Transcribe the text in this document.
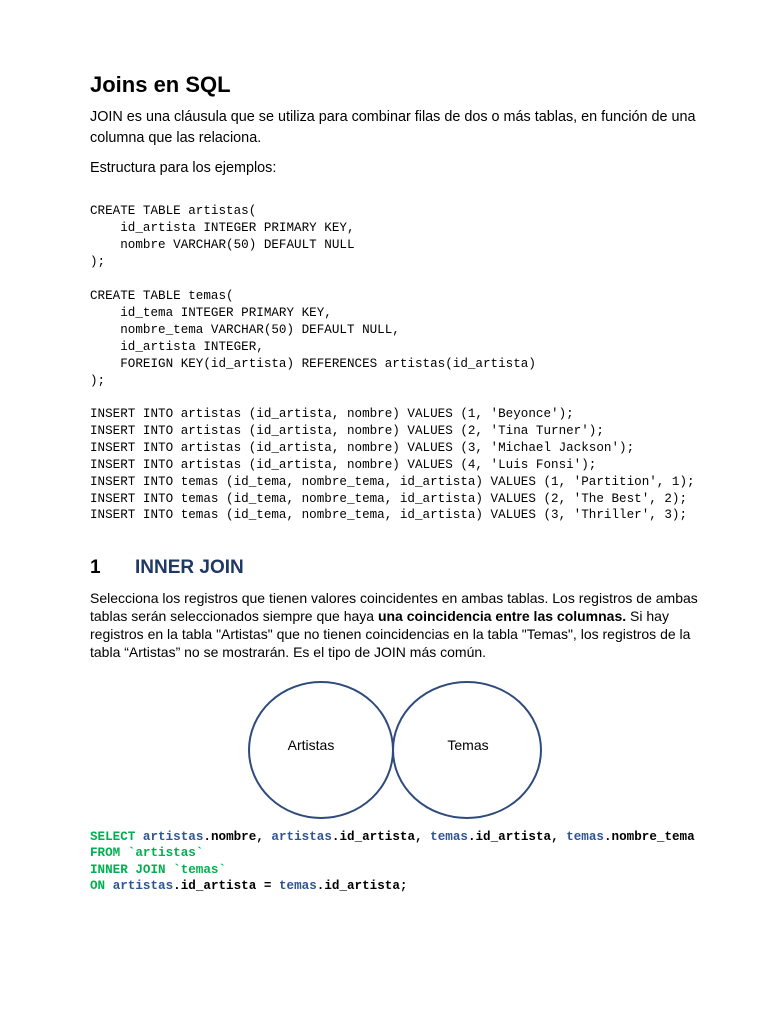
Joins en SQL

JOIN es una cláusula que se utiliza para combinar filas de dos o más tablas, en función de una columna que las relaciona.

Estructura para los ejemplos:

CREATE TABLE artistas(
id_artista INTEGER PRIMARY KEY,
nombre VARCHAR(50) DEFAULT NULL
);
CREATE TABLE temas(
id_tema INTEGER PRIMARY KEY,
nombre_tema VARCHAR(50) DEFAULT NULL,
id_artista INTEGER,
FOREIGN KEY(id_artista) REFERENCES artistas(id_artista)
);
INSERT INTO artistas (id_artista, nombre) VALUES (1, 'Beyonce');
INSERT INTO artistas (id_artista, nombre) VALUES (2, 'Tina Turner');
INSERT INTO artistas (id_artista, nombre) VALUES (3, 'Michael Jackson');
INSERT INTO artistas (id_artista, nombre) VALUES (4, 'Luis Fonsi');
INSERT INTO temas (id_tema, nombre_tema, id_artista) VALUES (1, 'Partition', 1);
INSERT INTO temas (id_tema, nombre_tema, id_artista) VALUES (2, 'The Best', 2);
INSERT INTO temas (id_tema, nombre_tema, id_artista) VALUES (3, 'Thriller', 3);
1	INNER JOIN

Selecciona los registros que tienen valores coincidentes en ambas tablas. Los registros de ambas tablas serán seleccionados siempre que haya una coincidencia entre las columnas. Si hay registros en la tabla "Artistas" que no tienen coincidencias en la tabla "Temas", los registros de la tabla “Artistas” no se mostrarán. Es el tipo de JOIN más común.

Artistas	Temas
SELECT artistas.nombre, artistas.id_artista, temas.id_artista, temas.nombre_tema
FROM `artistas`
INNER JOIN `temas`
ON artistas.id_artista = temas.id_artista;
